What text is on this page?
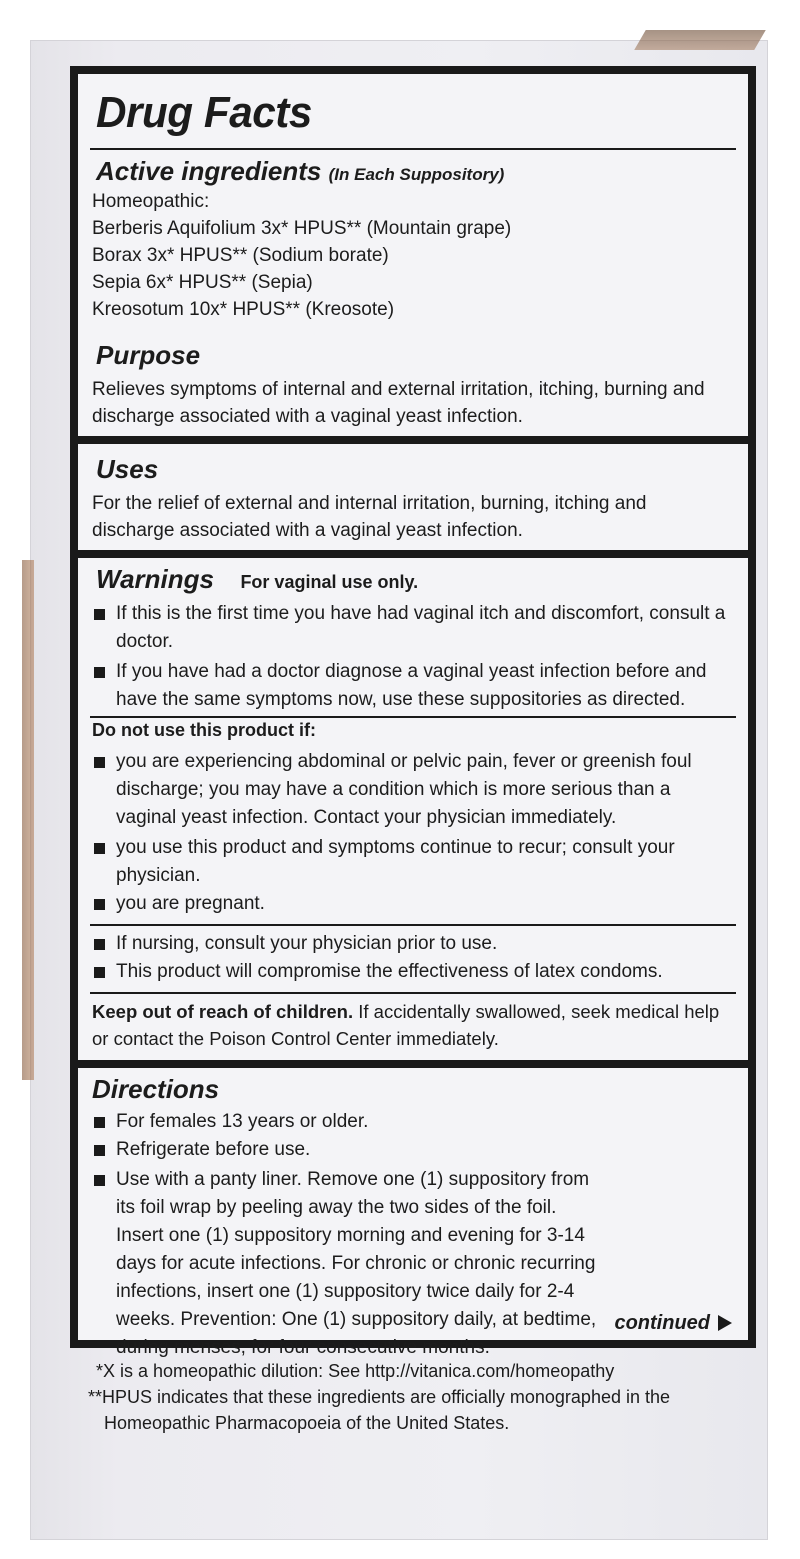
Drug Facts
Active ingredients (In Each Suppository)
Homeopathic:
Berberis Aquifolium 3x* HPUS** (Mountain grape)
Borax 3x* HPUS** (Sodium borate)
Sepia 6x* HPUS** (Sepia)
Kreosotum 10x* HPUS** (Kreosote)
Purpose
Relieves symptoms of internal and external irritation, itching, burning and discharge associated with a vaginal yeast infection.
Uses
For the relief of external and internal irritation, burning, itching and discharge associated with a vaginal yeast infection.
Warnings For vaginal use only.
If this is the first time you have had vaginal itch and discomfort, consult a doctor.
If you have had a doctor diagnose a vaginal yeast infection before and have the same symptoms now, use these suppositories as directed.
Do not use this product if:
you are experiencing abdominal or pelvic pain, fever or greenish foul discharge; you may have a condition which is more serious than a vaginal yeast infection. Contact your physician immediately.
you use this product and symptoms continue to recur; consult your physician.
you are pregnant.
If nursing, consult your physician prior to use.
This product will compromise the effectiveness of latex condoms.
Keep out of reach of children. If accidentally swallowed, seek medical help or contact the Poison Control Center immediately.
Directions
For females 13 years or older.
Refrigerate before use.
Use with a panty liner. Remove one (1) suppository from its foil wrap by peeling away the two sides of the foil. Insert one (1) suppository morning and evening for 3-14 days for acute infections. For chronic or chronic recurring infections, insert one (1) suppository twice daily for 2-4 weeks. Prevention: One (1) suppository daily, at bedtime, during menses, for four consecutive months.
continued
*X is a homeopathic dilution: See http://vitanica.com/homeopathy
**HPUS indicates that these ingredients are officially monographed in the
Homeopathic Pharmacopoeia of the United States.
